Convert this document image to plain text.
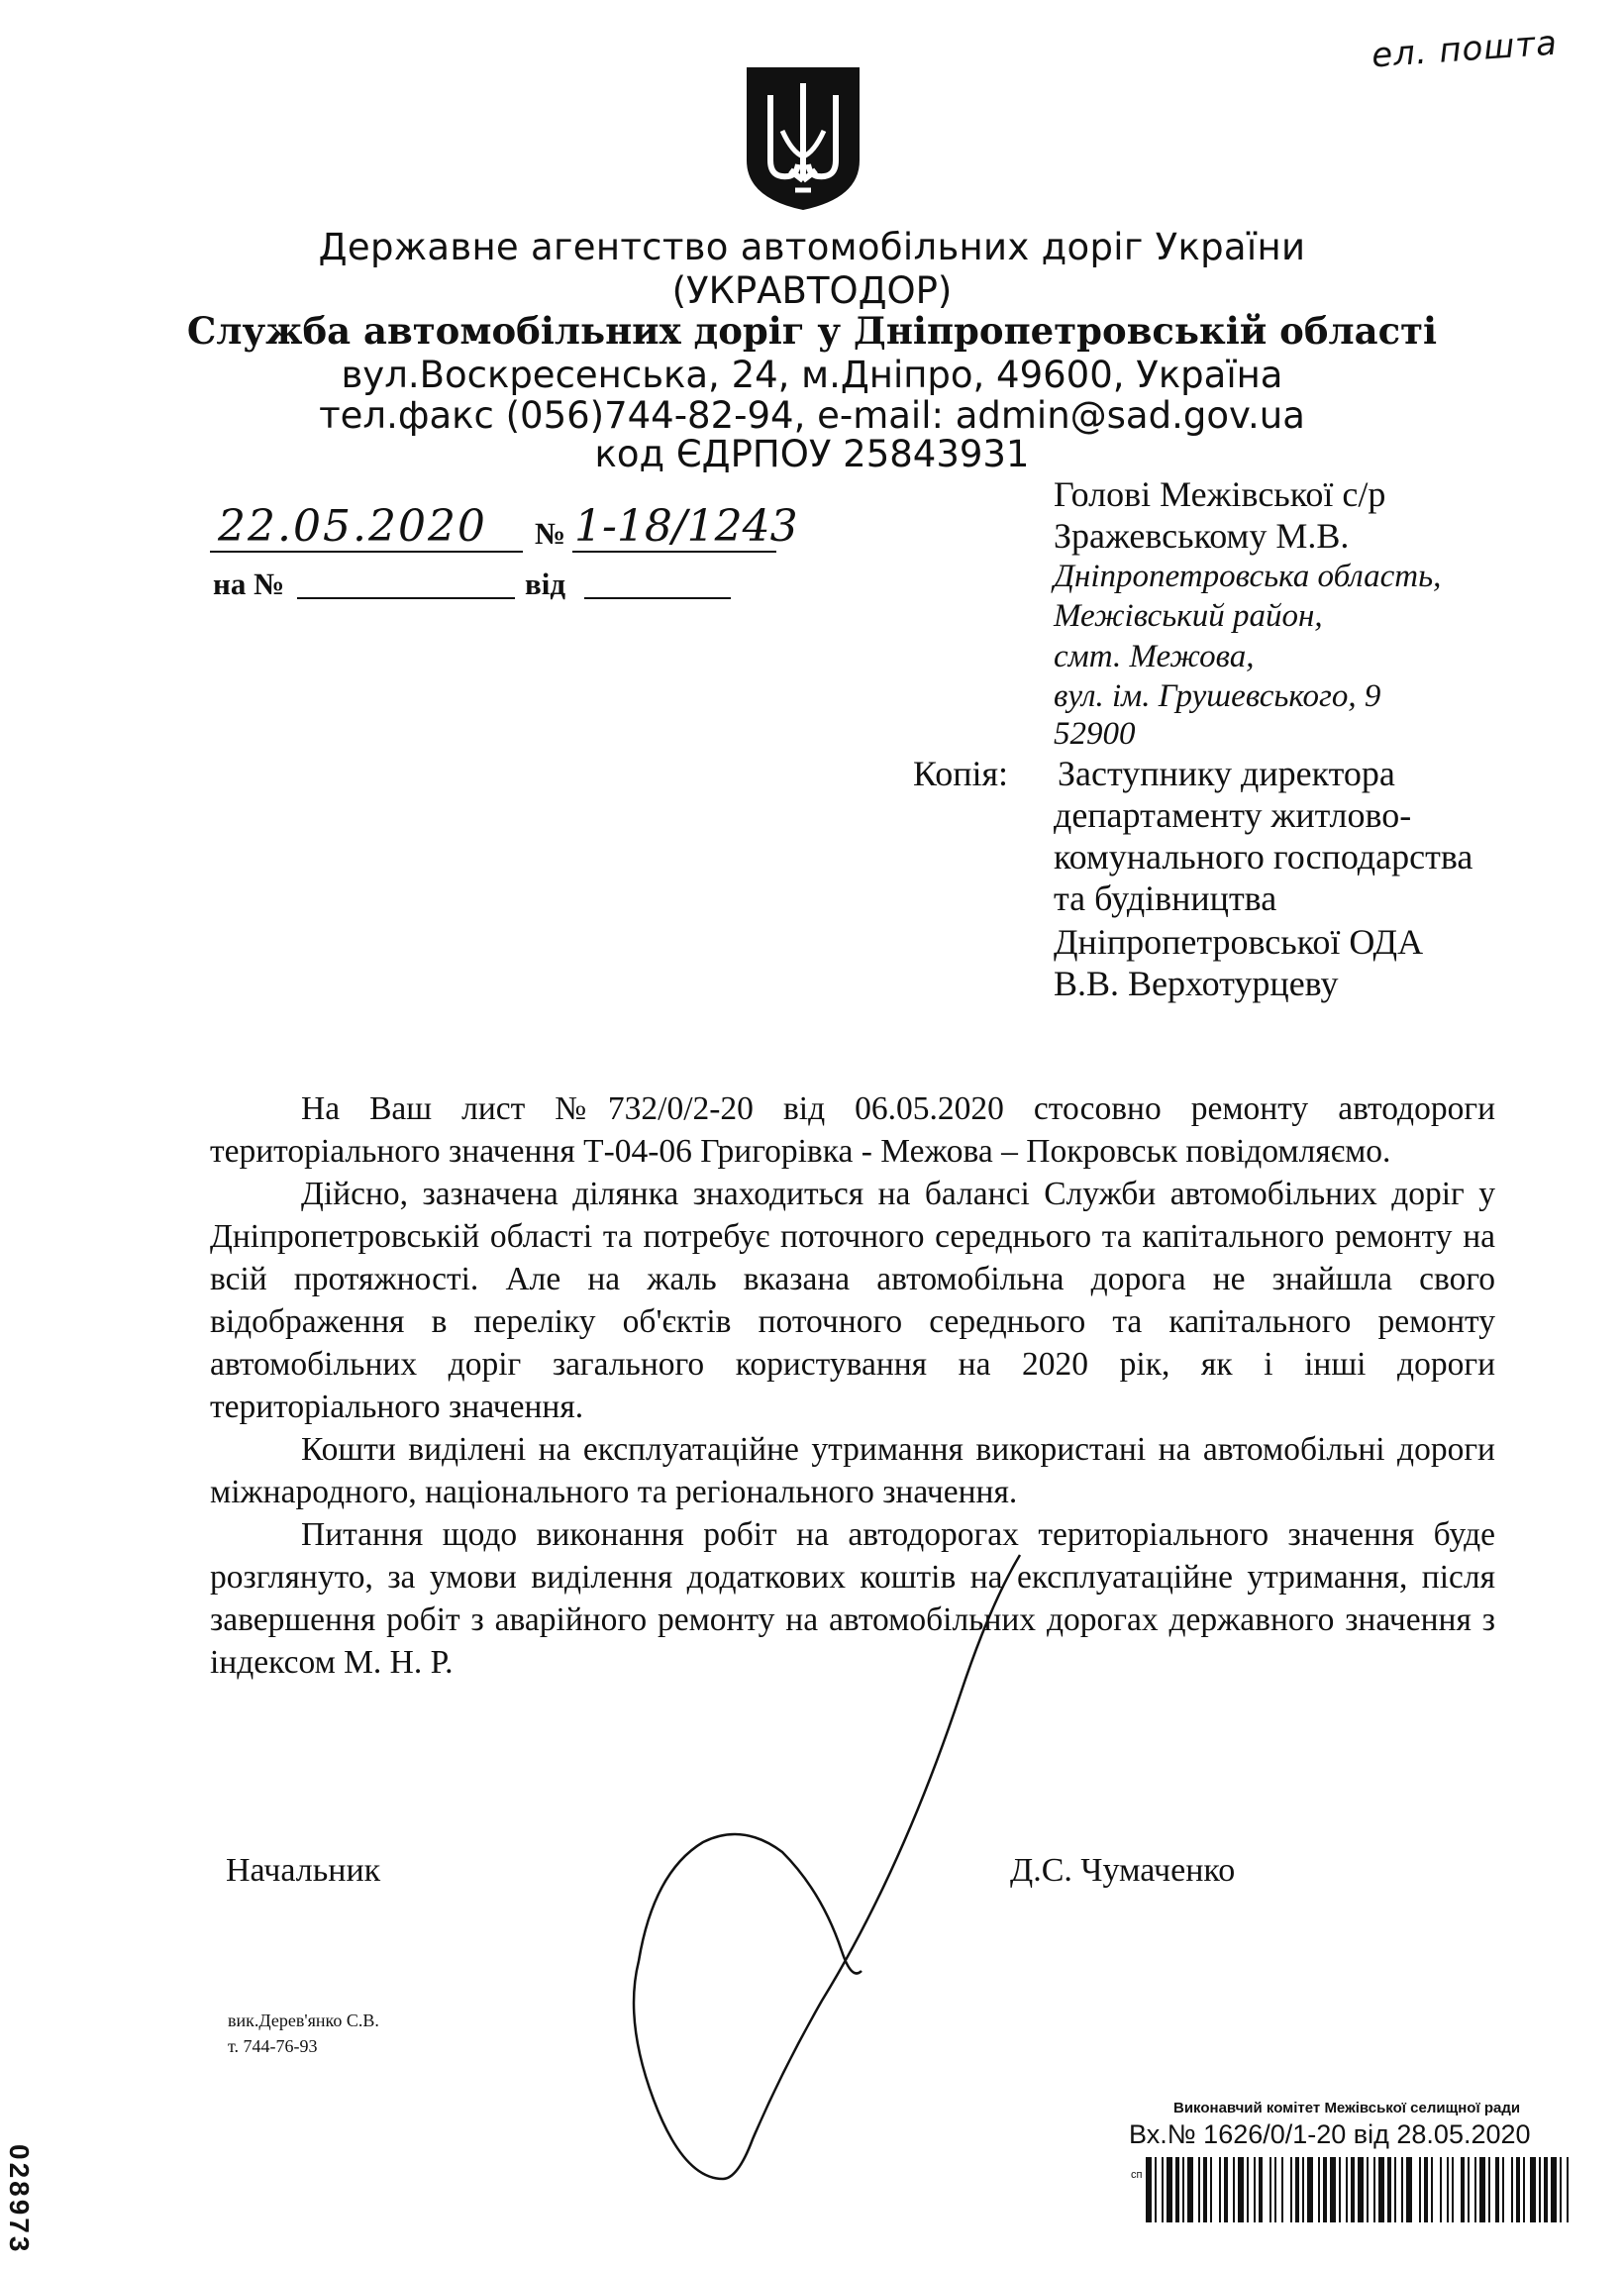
ел. пошта
Державне агентство автомобільних доріг України
(УКРАВТОДОР)
Служба автомобільних доріг у Дніпропетровській області
вул.Воскресенська, 24, м.Дніпро, 49600, Україна
тел.факс (056)744-82-94, e-mail: admin@sad.gov.ua
код ЄДРПОУ 25843931
22.05.2020 № 1-18/1243
на №	від
Голові Межівської с/р
Зражевському М.В.
Дніпропетровська область,
Межівський район,
смт. Межова,
вул. ім. Грушевського, 9
52900
Копія: Заступнику директора
департаменту житлово-
комунального господарства
та будівництва
Дніпропетровської ОДА
В.В. Верхотурцеву
На Ваш лист №732/0/2-20 від 06.05.2020 стосовно ремонту автодороги територіального значення Т-04-06 Григорівка - Межова – Покровськ повідомляємо.
Дійсно, зазначена ділянка знаходиться на балансі Служби автомобільних доріг у Дніпропетровській області та потребує поточного середнього та капітального ремонту на всій протяжності. Але на жаль вказана автомобільна дорога не знайшла свого відображення в переліку об'єктів поточного середнього та капітального ремонту автомобільних доріг загального користування на 2020 рік, як і інші дороги територіального значення.
Кошти виділені на експлуатаційне утримання використані на автомобільні дороги міжнародного, національного та регіонального значення.
Питання щодо виконання робіт на автодорогах територіального значення буде розглянуто, за умови виділення додаткових коштів на експлуатаційне утримання, після завершення робіт з аварійного ремонту на автомобільних дорогах державного значення з індексом М. Н. Р.
Начальник	Д.С. Чумаченко
вик.Дерев'янко С.В.
т. 744-76-93
028973
Виконавчий комітет Межівської селищної ради
Вх.№ 1626/0/1-20 від 28.05.2020
сп
